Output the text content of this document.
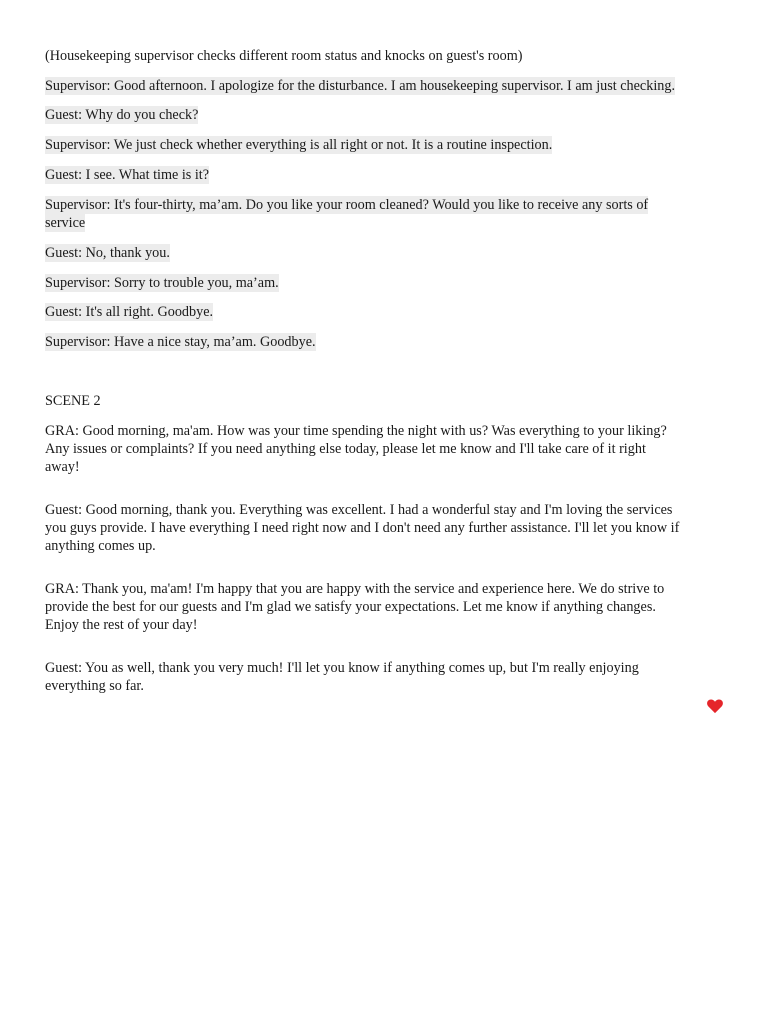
(Housekeeping supervisor checks different room status and knocks on guest's room)
Supervisor: Good afternoon. I apologize for the disturbance. I am housekeeping supervisor. I am just checking.
Guest: Why do you check?
Supervisor: We just check whether everything is all right or not. It is a routine inspection.
Guest: I see. What time is it?
Supervisor: It's four-thirty, ma’am. Do you like your room cleaned? Would you like to receive any sorts of
service
Guest: No, thank you.
Supervisor: Sorry to trouble you, ma’am.
Guest: It's all right. Goodbye.
Supervisor: Have a nice stay, ma’am. Goodbye.
SCENE 2
GRA: Good morning, ma'am. How was your time spending the night with us? Was everything to your liking?
Any issues or complaints? If you need anything else today, please let me know and I'll take care of it right
away!
Guest: Good morning, thank you. Everything was excellent. I had a wonderful stay and I'm loving the services
you guys provide. I have everything I need right now and I don't need any further assistance. I'll let you know if
anything comes up.
GRA: Thank you, ma'am! I'm happy that you are happy with the service and experience here. We do strive to
provide the best for our guests and I'm glad we satisfy your expectations. Let me know if anything changes.
Enjoy the rest of your day!
Guest: You as well, thank you very much! I'll let you know if anything comes up, but I'm really enjoying
everything so far.
